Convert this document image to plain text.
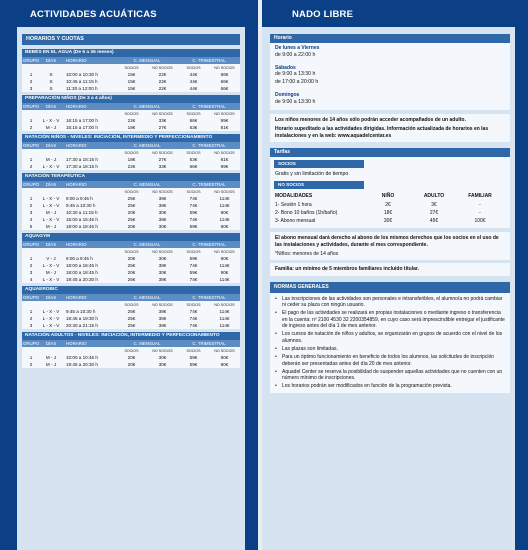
ACTIVIDADES ACUÁTICAS
HORARIOS Y CUOTAS
BEBÉS EN EL AGUA (De 6 a 36 meses)
GRUPO	DÍAS	HORARIO	C. MENSUAL	C. TRIMESTRAL
SOCIOS	NO SOCIOS	SOCIOS	NO SOCIOS
1	S	10:00 a 10:30 h	15€	22€	44€	66€
2	S	10:45 a 11:15 h	15€	22€	44€	66€
3	S	11:30 a 12:00 h	15€	22€	44€	66€
PREPARACIÓN NIÑOS (De 3 a 4 años)
GRUPO	DÍAS	HORARIO	C. MENSUAL	C. TRIMESTRAL
SOCIOS	NO SOCIOS	SOCIOS	NO SOCIOS
1	L - X - V	16:15 a 17:00 h	22€	33€	66€	99€
2	M - J	16:15 a 17:00 h	18€	27€	53€	81€
NATACIÓN NIÑOS - NIVELES: INICIACIÓN, INTERMEDIO Y PERFECCIONAMIENTO
GRUPO	DÍAS	HORARIO	C. MENSUAL	C. TRIMESTRAL
SOCIOS	NO SOCIOS	SOCIOS	NO SOCIOS
1	M - J	17:30 a 18:15 h	18€	27€	53€	81€
2	L - X - V	17:30 a 18:15 h	22€	33€	66€	99€
NATACIÓN TERAPÉUTICA
GRUPO	DÍAS	HORARIO	C. MENSUAL	C. TRIMESTRAL
SOCIOS	NO SOCIOS	SOCIOS	NO SOCIOS
1	L - X - V	9:00 a 9:45 h	25€	38€	74€	114€
2	L - X - V	9:45 a 10:30 h	25€	38€	74€	114€
3	M - J	10:30 a 11:15 h	20€	30€	59€	90€
4	L - X - V	15:00 a 15:45 h	25€	38€	74€	114€
5	M - J	18:00 a 18:45 h	20€	30€	59€	90€
AQUAGYM
GRUPO	DÍAS	HORARIO	C. MENSUAL	C. TRIMESTRAL
SOCIOS	NO SOCIOS	SOCIOS	NO SOCIOS
1	V - J	9:00 a 9:45 h	20€	30€	59€	90€
2	L - X - V	18:00 a 18:45 h	25€	38€	74€	114€
3	M - J	18:00 a 18:45 h	20€	30€	59€	90€
4	L - X - V	19:45 a 20:30 h	25€	38€	74€	114€
AQUAEROBIC
GRUPO	DÍAS	HORARIO	C. MENSUAL	C. TRIMESTRAL
SOCIOS	NO SOCIOS	SOCIOS	NO SOCIOS
1	L - X - V	9:45 a 10:30 h	25€	38€	74€	114€
2	L - X - V	18:45 a 19:30 h	25€	38€	74€	114€
3	L - X - V	20:30 a 21:15 h	25€	38€	74€	114€
NATACIÓN ADULTOS - NIVELES: INICIACIÓN, INTERMEDIO Y PERFECCIONAMIENTO
GRUPO	DÍAS	HORARIO	C. MENSUAL	C. TRIMESTRAL
SOCIOS	NO SOCIOS	SOCIOS	NO SOCIOS
1	M - J	10:00 a 10:45 h	20€	30€	59€	90€
2	M - J	19:45 a 20:30 h	20€	30€	59€	90€
NADO LIBRE
Horario
De lunes a Viernes
de 9:00 a 22:00 h
Sábados
de 9:00 a 13:30 h
de 17:00 a 20:00 h
Domingos
de 9:00 a 13:30 h
Los niños menores de 14 años sólo podrán acceder acompañados de un adulto.
Horario supeditado a las actividades dirigidas. Información actualizada de horarios en las instalaciones y en la web: www.aquadelcentar.es
Tarifas
SOCIOS
Gratis y sin limitación de tiempo.
NO SOCIOS
MODALIDADES	NIÑO	ADULTO	FAMILIAR
1- Sesión 1 hora	2€	3€	-
2- Bono 10 baños (1h/baño)	18€	27€	-
3- Abono mensual	30€	45€	100€
El abono mensual dará derecho al abono de los mismos derechos que los socios en el uso de las instalaciones y actividades, durante el mes correspondiente.
*Niños: menores de 14 años
Familia: un mínimo de 5 miembros familiares incluido titular.
NORMAS GENERALES
• Las inscripciones de las actividades son personales e intransferibles, el alumno/a no podrá cambiar ni ceder su plaza con ningún usuario.
• El pago de las actividades se realizará en propias instalaciones o mediante ingreso o transferencia en la cuenta: nº 2100 4530 32 2200354859, en cuyo caso será imprescindible entregar el justificante de ingreso antes del día 1 de mes anterior.
• Los cursos de natación de niños y adultos, se organizarán en grupos de acuerdo con el nivel de los alumnos.
• Las plazas son limitadas.
• Para un óptimo funcionamiento en beneficio de todos los alumnos, las solicitudes de inscripción deberán ser presentadas antes del día 20 de mes anterior.
• Aquadel Center se reserva la posibilidad de suspender aquellas actividades que no cuenten con un número mínimo de inscripciones.
• Los horarios podrán ser modificados en función de la programación prevista.
